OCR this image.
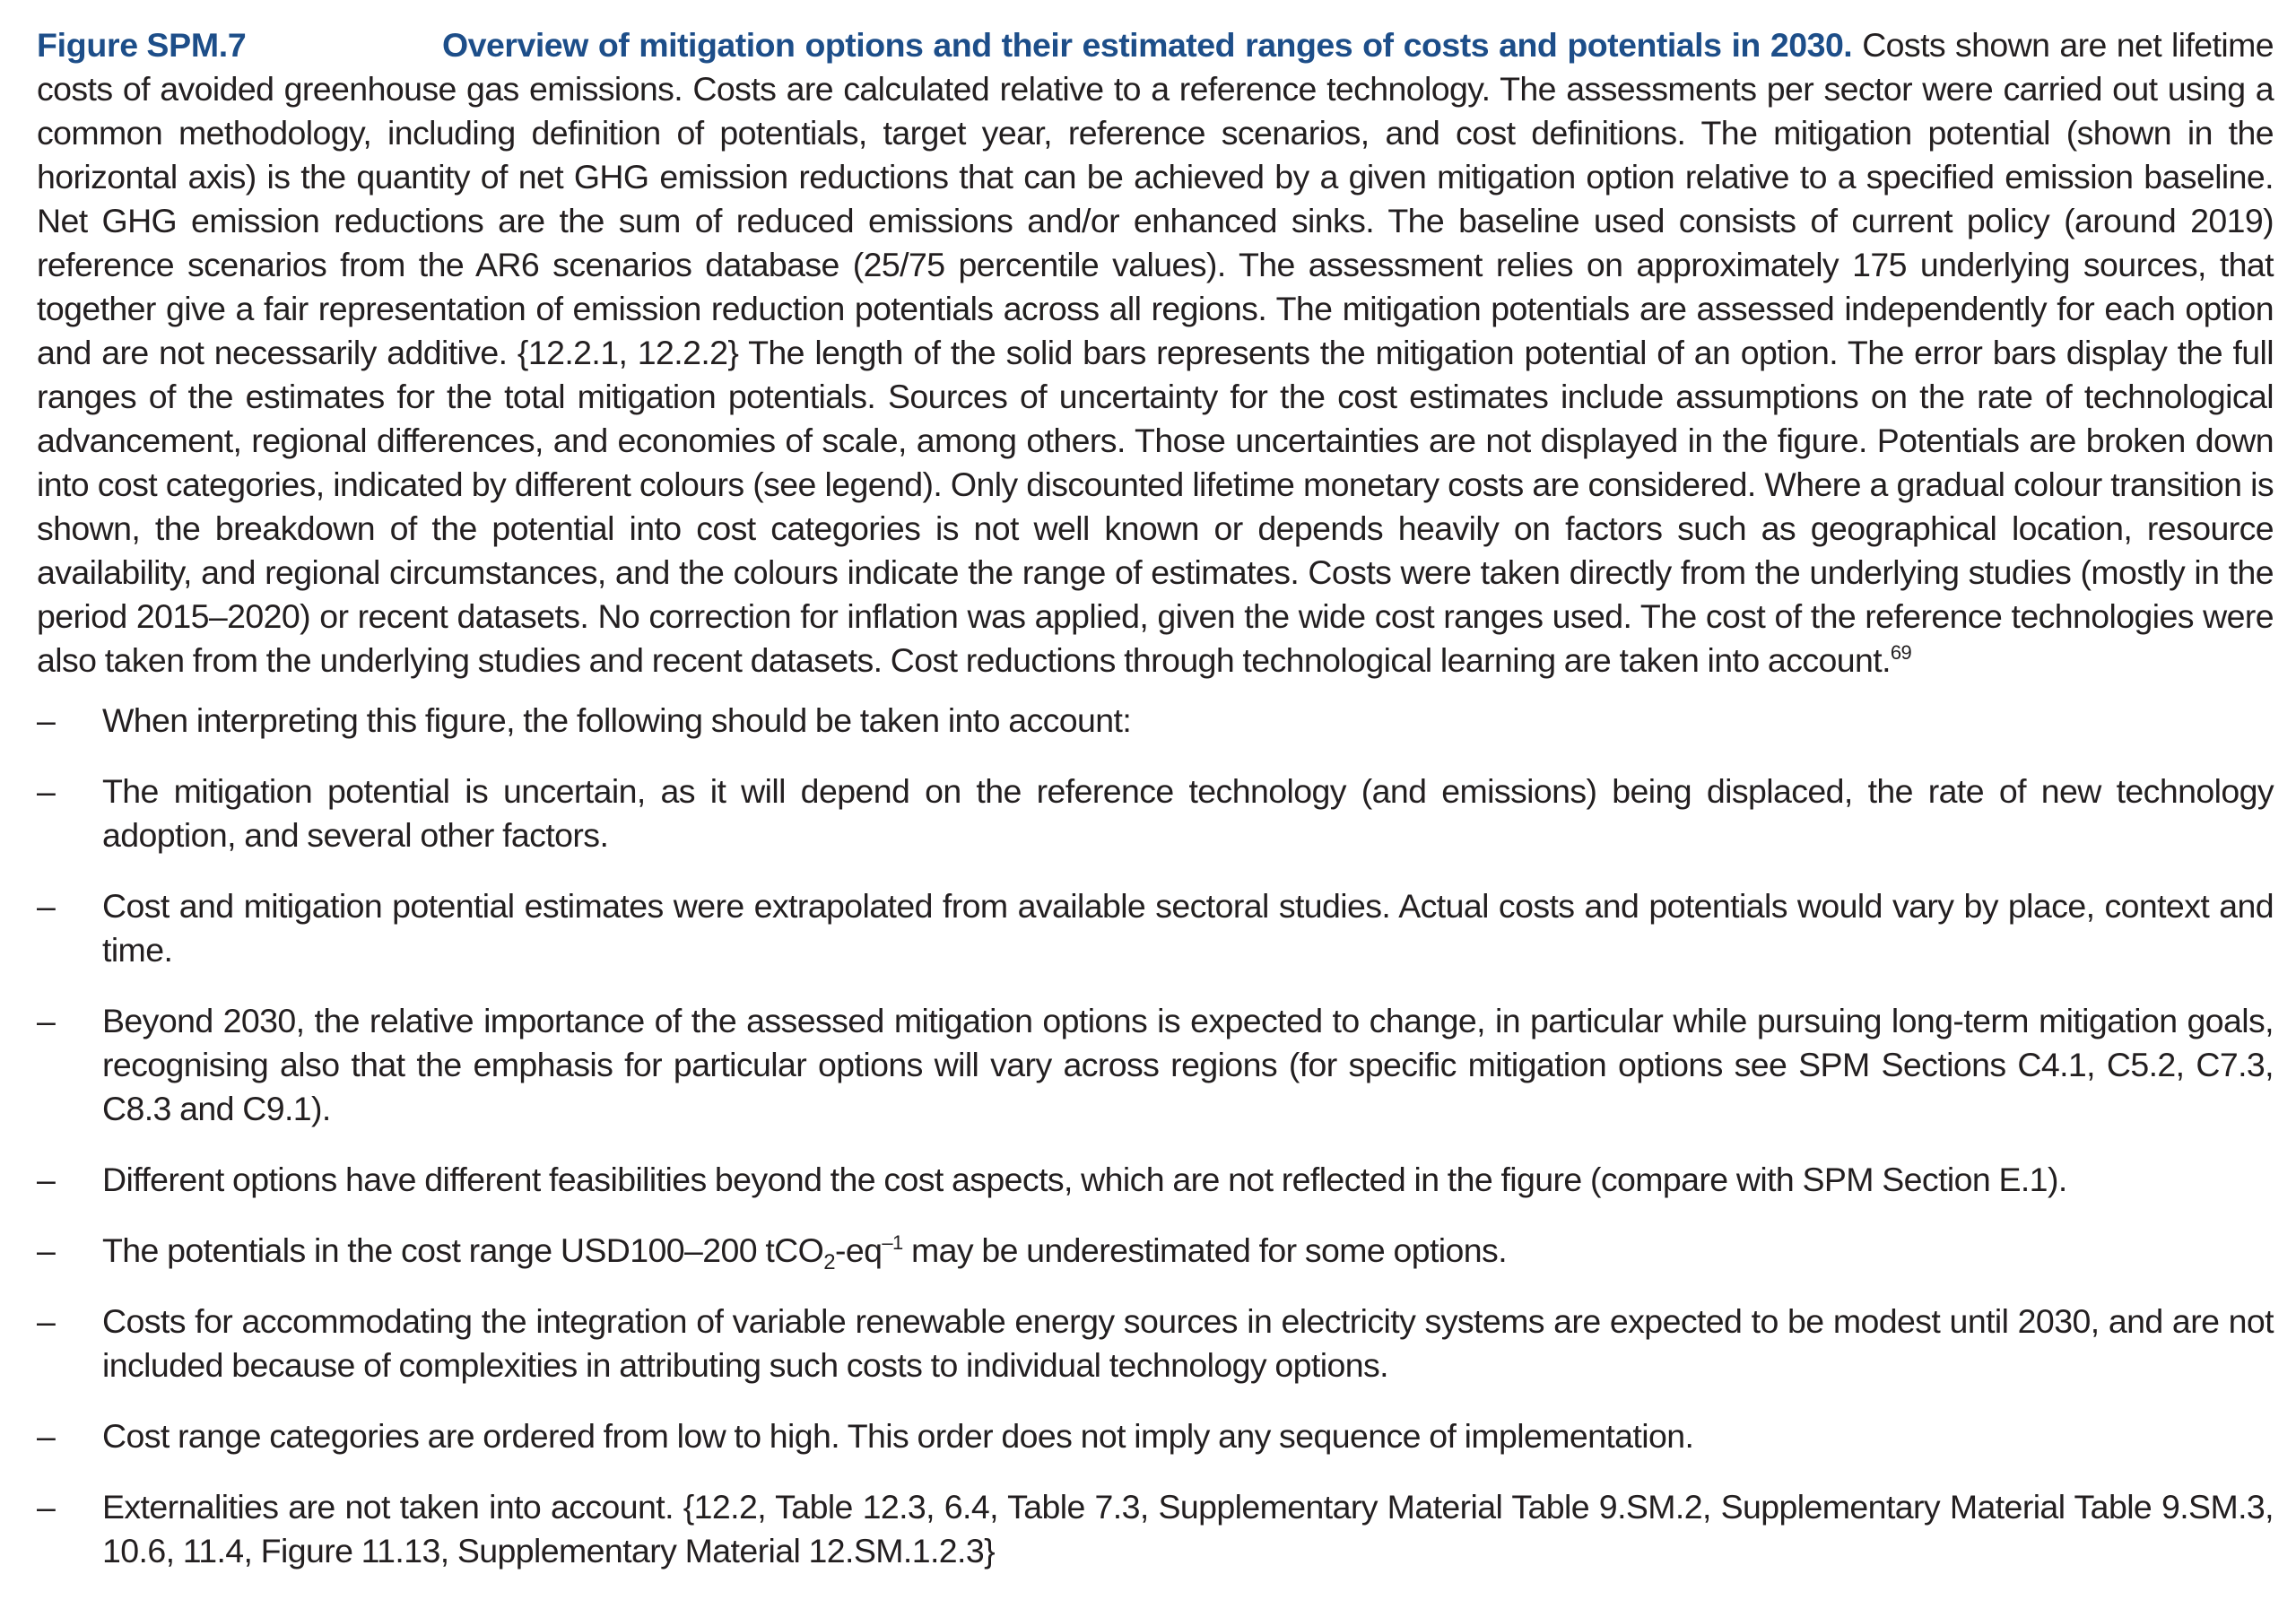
Figure SPM.7	Overview of mitigation options and their estimated ranges of costs and potentials in 2030. Costs shown are net lifetime costs of avoided greenhouse gas emissions. Costs are calculated relative to a reference technology. The assessments per sector were carried out using a common methodology, including definition of potentials, target year, reference scenarios, and cost definitions. The mitigation potential (shown in the horizontal axis) is the quantity of net GHG emission reductions that can be achieved by a given mitigation option relative to a specified emission baseline. Net GHG emission reductions are the sum of reduced emissions and/or enhanced sinks. The baseline used consists of current policy (around 2019) reference scenarios from the AR6 scenarios database (25/75 percentile values). The assessment relies on approximately 175 underlying sources, that together give a fair representation of emission reduction potentials across all regions. The mitigation potentials are assessed independently for each option and are not necessarily additive. {12.2.1, 12.2.2} The length of the solid bars represents the mitigation potential of an option. The error bars display the full ranges of the estimates for the total mitigation potentials. Sources of uncertainty for the cost estimates include assumptions on the rate of technological advancement, regional differences, and economies of scale, among others. Those uncertainties are not displayed in the figure. Potentials are broken down into cost categories, indicated by different colours (see legend). Only discounted lifetime monetary costs are considered. Where a gradual colour transition is shown, the breakdown of the potential into cost categories is not well known or depends heavily on factors such as geographical location, resource availability, and regional circumstances, and the colours indicate the range of estimates. Costs were taken directly from the underlying studies (mostly in the period 2015–2020) or recent datasets. No correction for inflation was applied, given the wide cost ranges used. The cost of the reference technologies were also taken from the underlying studies and recent datasets. Cost reductions through technological learning are taken into account.$^{69}$

– When interpreting this figure, the following should be taken into account:
– The mitigation potential is uncertain, as it will depend on the reference technology (and emissions) being displaced, the rate of new technology adoption, and several other factors.
– Cost and mitigation potential estimates were extrapolated from available sectoral studies. Actual costs and potentials would vary by place, context and time.
– Beyond 2030, the relative importance of the assessed mitigation options is expected to change, in particular while pursuing long-term mitigation goals, recognising also that the emphasis for particular options will vary across regions (for specific mitigation options see SPM Sections C4.1, C5.2, C7.3, C8.3 and C9.1).
– Different options have different feasibilities beyond the cost aspects, which are not reflected in the figure (compare with SPM Section E.1).
– The potentials in the cost range USD100–200 $tCO_2-eq^{-1}$ may be underestimated for some options.
– Costs for accommodating the integration of variable renewable energy sources in electricity systems are expected to be modest until 2030, and are not included because of complexities in attributing such costs to individual technology options.
– Cost range categories are ordered from low to high. This order does not imply any sequence of implementation.
– Externalities are not taken into account. {12.2, Table 12.3, 6.4, Table 7.3, Supplementary Material Table 9.SM.2, Supplementary Material Table 9.SM.3, 10.6, 11.4, Figure 11.13, Supplementary Material 12.SM.1.2.3}
